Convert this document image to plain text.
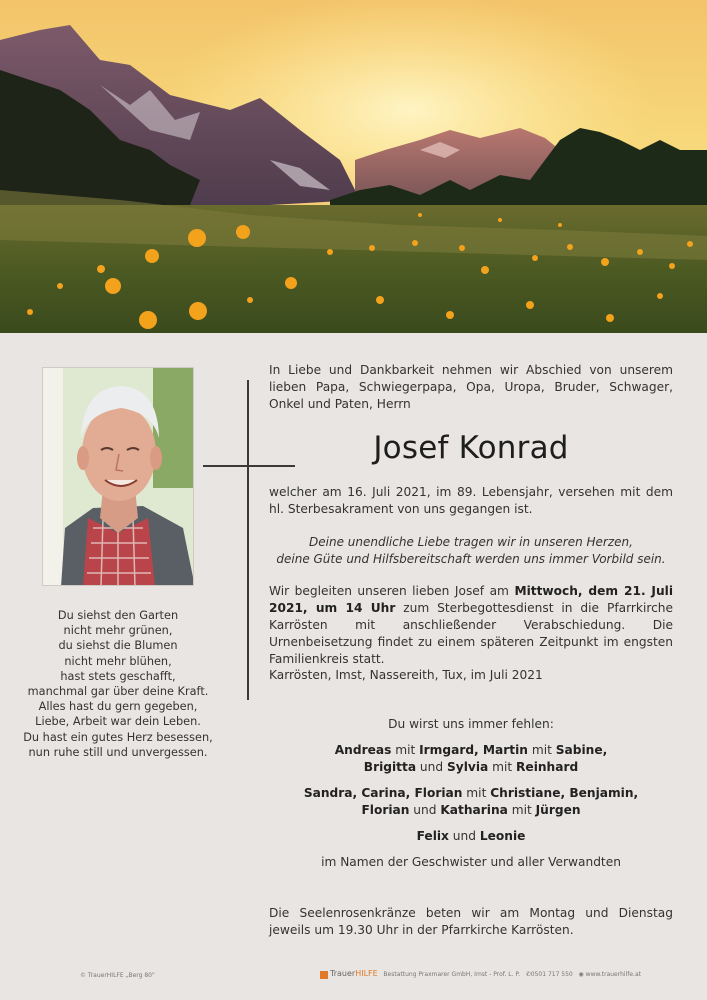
Du siehst den Garten
nicht mehr grünen,
du siehst die Blumen
nicht mehr blühen,
hast stets geschafft,
manchmal gar über deine Kraft.
Alles hast du gern gegeben,
Liebe, Arbeit war dein Leben.
Du hast ein gutes Herz besessen,
nun ruhe still und unvergessen.
In Liebe und Dankbarkeit nehmen wir Abschied von unserem lieben Papa, Schwiegerpapa, Opa, Uropa, Bruder, Schwager, Onkel und Paten, Herrn
Josef Konrad
welcher am 16. Juli 2021, im 89. Lebensjahr, versehen mit dem hl. Sterbesakrament von uns gegangen ist.
Deine unendliche Liebe tragen wir in unseren Herzen,
deine Güte und Hilfsbereitschaft werden uns immer Vorbild sein.
Wir begleiten unseren lieben Josef am Mittwoch, dem 21. Juli 2021, um 14 Uhr zum Sterbegottesdienst in die Pfarrkirche Karrösten mit anschließender Verabschiedung. Die Urnenbeisetzung findet zu einem späteren Zeitpunkt im engsten Familienkreis statt.
Karrösten, Imst, Nassereith, Tux, im Juli 2021
Du wirst uns immer fehlen:
Andreas mit Irmgard, Martin mit Sabine,
Brigitta und Sylvia mit Reinhard
Sandra, Carina, Florian mit Christiane, Benjamin,
Florian und Katharina mit Jürgen
Felix und Leonie
im Namen der Geschwister und aller Verwandten
Die Seelenrosenkränze beten wir am Montag und Dienstag jeweils um 19.30 Uhr in der Pfarrkirche Karrösten.
© TrauerHILFE „Berg 80"	TrauerHILFE Bestattung Praxmarer GmbH, Imst - Prof. L. P. ✆0501 717 550 ◉ www.trauerhilfe.at
